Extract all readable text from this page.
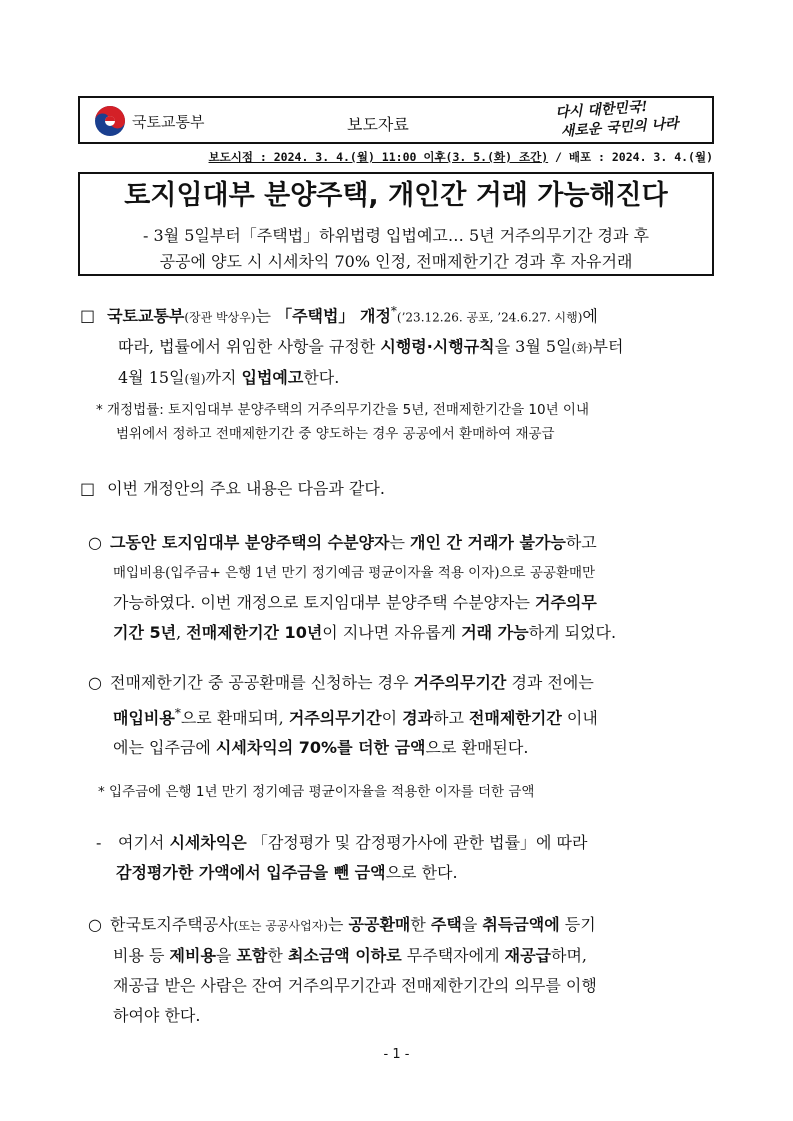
국토교통부	보도자료
다시 대한민국!
새로운 국민의 나라
보도시점 : 2024. 3. 4.(월) 11:00 이후(3. 5.(화) 조간) / 배포 : 2024. 3. 4.(월)
토지임대부 분양주택, 개인간 거래 가능해진다
- 3월 5일부터「주택법」하위법령 입법예고… 5년 거주의무기간 경과 후
공공에 양도 시 시세차익 70% 인정, 전매제한기간 경과 후 자유거래
□ 국토교통부(장관 박상우)는 「주택법」 개정*(’23.12.26. 공포, ’24.6.27. 시행)에
따라, 법률에서 위임한 사항을 규정한 시행령·시행규칙을 3월 5일(화)부터
4월 15일(월)까지 입법예고한다.
* 개정법률: 토지임대부 분양주택의 거주의무기간을 5년, 전매제한기간을 10년 이내
범위에서 정하고 전매제한기간 중 양도하는 경우 공공에서 환매하여 재공급
□ 이번 개정안의 주요 내용은 다음과 같다.
○ 그동안 토지임대부 분양주택의 수분양자는 개인 간 거래가 불가능하고
매입비용(입주금+ 은행 1년 만기 정기예금 평균이자율 적용 이자)으로 공공환매만
가능하였다. 이번 개정으로 토지임대부 분양주택 수분양자는 거주의무
기간 5년, 전매제한기간 10년이 지나면 자유롭게 거래 가능하게 되었다.
○ 전매제한기간 중 공공환매를 신청하는 경우 거주의무기간 경과 전에는
매입비용*으로 환매되며, 거주의무기간이 경과하고 전매제한기간 이내
에는 입주금에 시세차익의 70%를 더한 금액으로 환매된다.
* 입주금에 은행 1년 만기 정기예금 평균이자율을 적용한 이자를 더한 금액
- 여기서 시세차익은 「감정평가 및 감정평가사에 관한 법률」에 따라
감정평가한 가액에서 입주금을 뺀 금액으로 한다.
○ 한국토지주택공사(또는 공공사업자)는 공공환매한 주택을 취득금액에 등기
비용 등 제비용을 포함한 최소금액 이하로 무주택자에게 재공급하며,
재공급 받은 사람은 잔여 거주의무기간과 전매제한기간의 의무를 이행
하여야 한다.
- 1 -
